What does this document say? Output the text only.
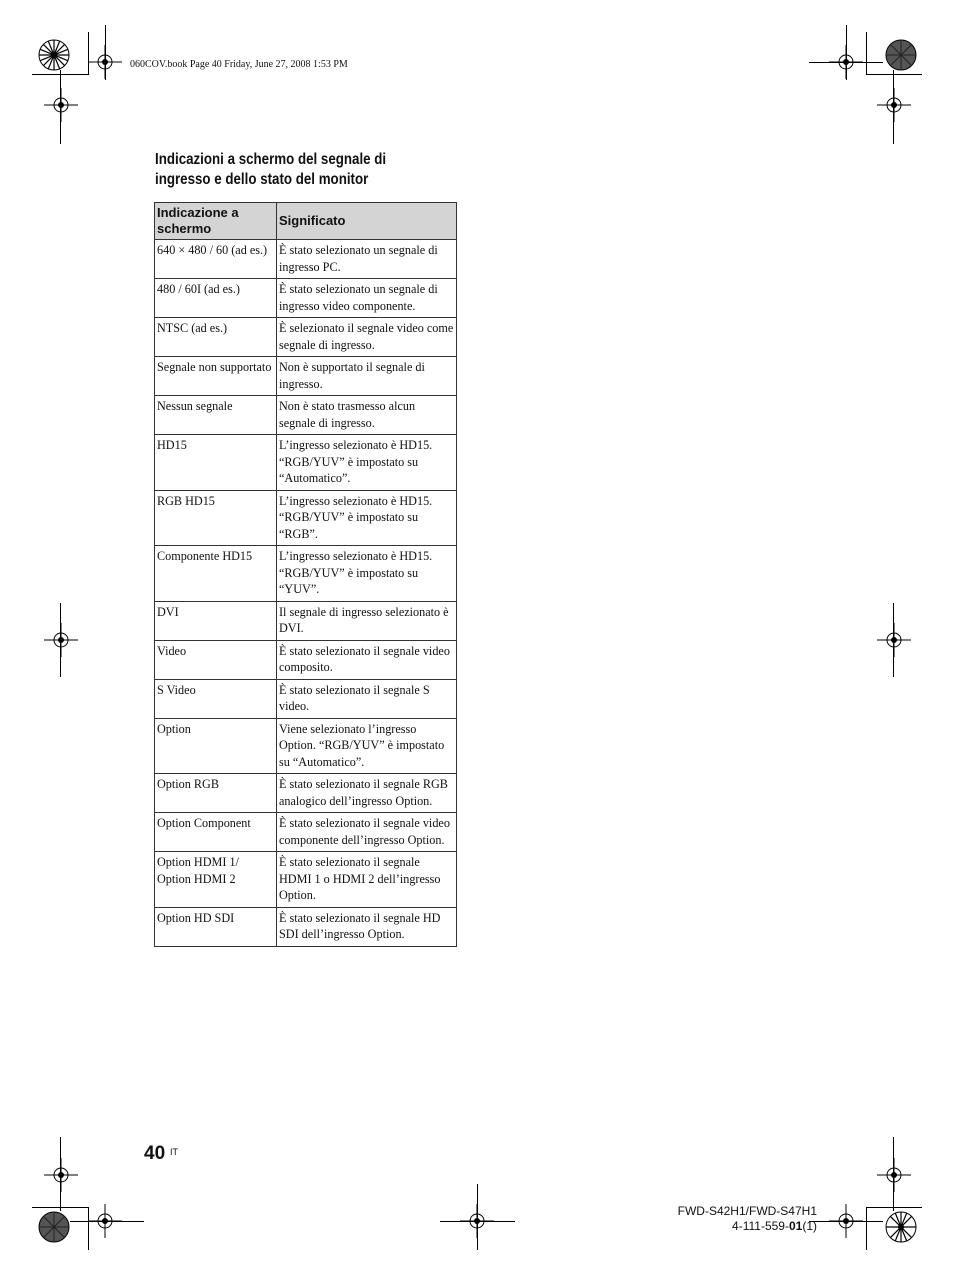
060COV.book Page 40 Friday, June 27, 2008 1:53 PM
Indicazioni a schermo del segnale di
ingresso e dello stato del monitor
Indicazione a schermo	Significato
640 × 480 / 60 (ad es.)	È stato selezionato un segnale di ingresso PC.
480 / 60I (ad es.)	È stato selezionato un segnale di ingresso video componente.
NTSC (ad es.)	È selezionato il segnale video come segnale di ingresso.
Segnale non supportato	Non è supportato il segnale di ingresso.
Nessun segnale	Non è stato trasmesso alcun segnale di ingresso.
HD15	L’ingresso selezionato è HD15. “RGB/YUV” è impostato su “Automatico”.
RGB HD15	L’ingresso selezionato è HD15. “RGB/YUV” è impostato su “RGB”.
Componente HD15	L’ingresso selezionato è HD15. “RGB/YUV” è impostato su “YUV”.
DVI	Il segnale di ingresso selezionato è DVI.
Video	È stato selezionato il segnale video composito.
S Video	È stato selezionato il segnale S video.
Option	Viene selezionato l’ingresso Option. “RGB/YUV” è impostato su “Automatico”.
Option RGB	È stato selezionato il segnale RGB analogico dell’ingresso Option.
Option Component	È stato selezionato il segnale video componente dell’ingresso Option.
Option HDMI 1/ Option HDMI 2	È stato selezionato il segnale HDMI 1 o HDMI 2 dell’ingresso Option.
Option HD SDI	È stato selezionato il segnale HD SDI dell’ingresso Option.
40 IT
FWD-S42H1/FWD-S47H1
4-111-559-01(1)
